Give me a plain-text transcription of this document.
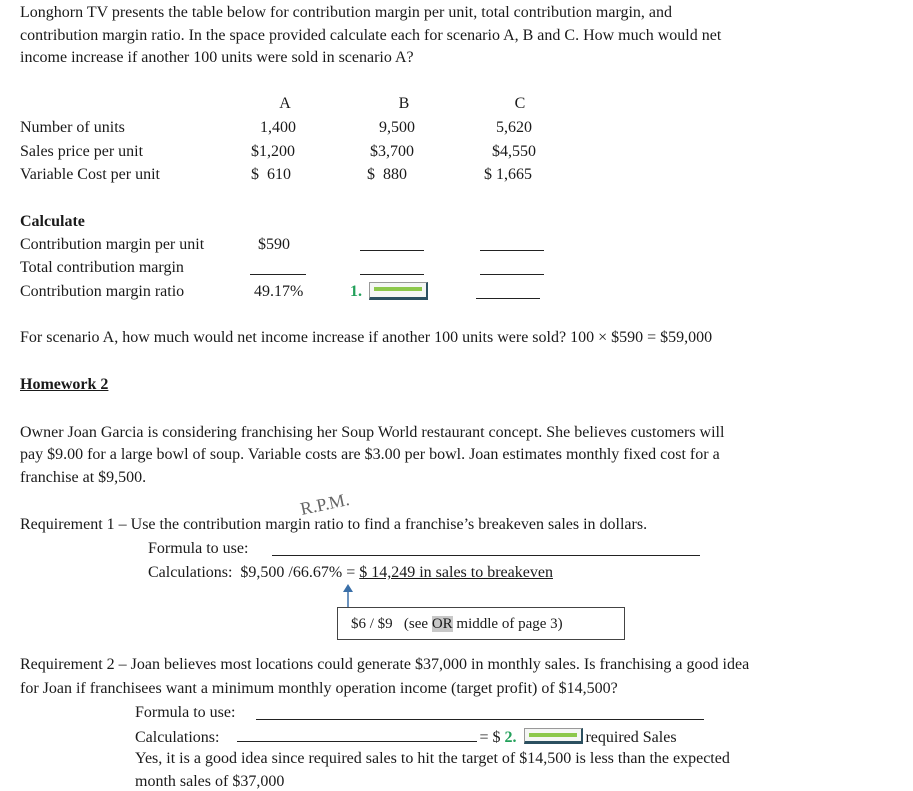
Longhorn TV presents the table below for contribution margin per unit, total contribution margin, and
contribution margin ratio. In the space provided calculate each for scenario A, B and C. How much would net
income increase if another 100 units were sold in scenario A?
A	B	C
Number of units	1,400	9,500	5,620
Sales price per unit	$1,200	$3,700	$4,550
Variable Cost per unit	$  610	$  880	$ 1,665
Calculate
Contribution margin per unit	$590
Total contribution margin
Contribution margin ratio	49.17%	1.
For scenario A, how much would net income increase if another 100 units were sold? 100 × $590 = $59,000
Homework 2
Owner Joan Garcia is considering franchising her Soup World restaurant concept. She believes customers will
pay $9.00 for a large bowl of soup. Variable costs are $3.00 per bowl. Joan estimates monthly fixed cost for a
franchise at $9,500.
R.P.M.
Requirement 1 – Use the contribution margin ratio to find a franchise’s breakeven sales in dollars.
Formula to use:
Calculations:  $9,500 /66.67% = $ 14,249 in sales to breakeven
$6 / $9   (see OR middle of page 3)
Requirement 2 – Joan believes most locations could generate $37,000 in monthly sales. Is franchising a good idea
for Joan if franchisees want a minimum monthly operation income (target profit) of $14,500?
Formula to use:
Calculations:	= $ 2.	required Sales
Yes, it is a good idea since required sales to hit the target of $14,500 is less than the expected
month sales of $37,000
